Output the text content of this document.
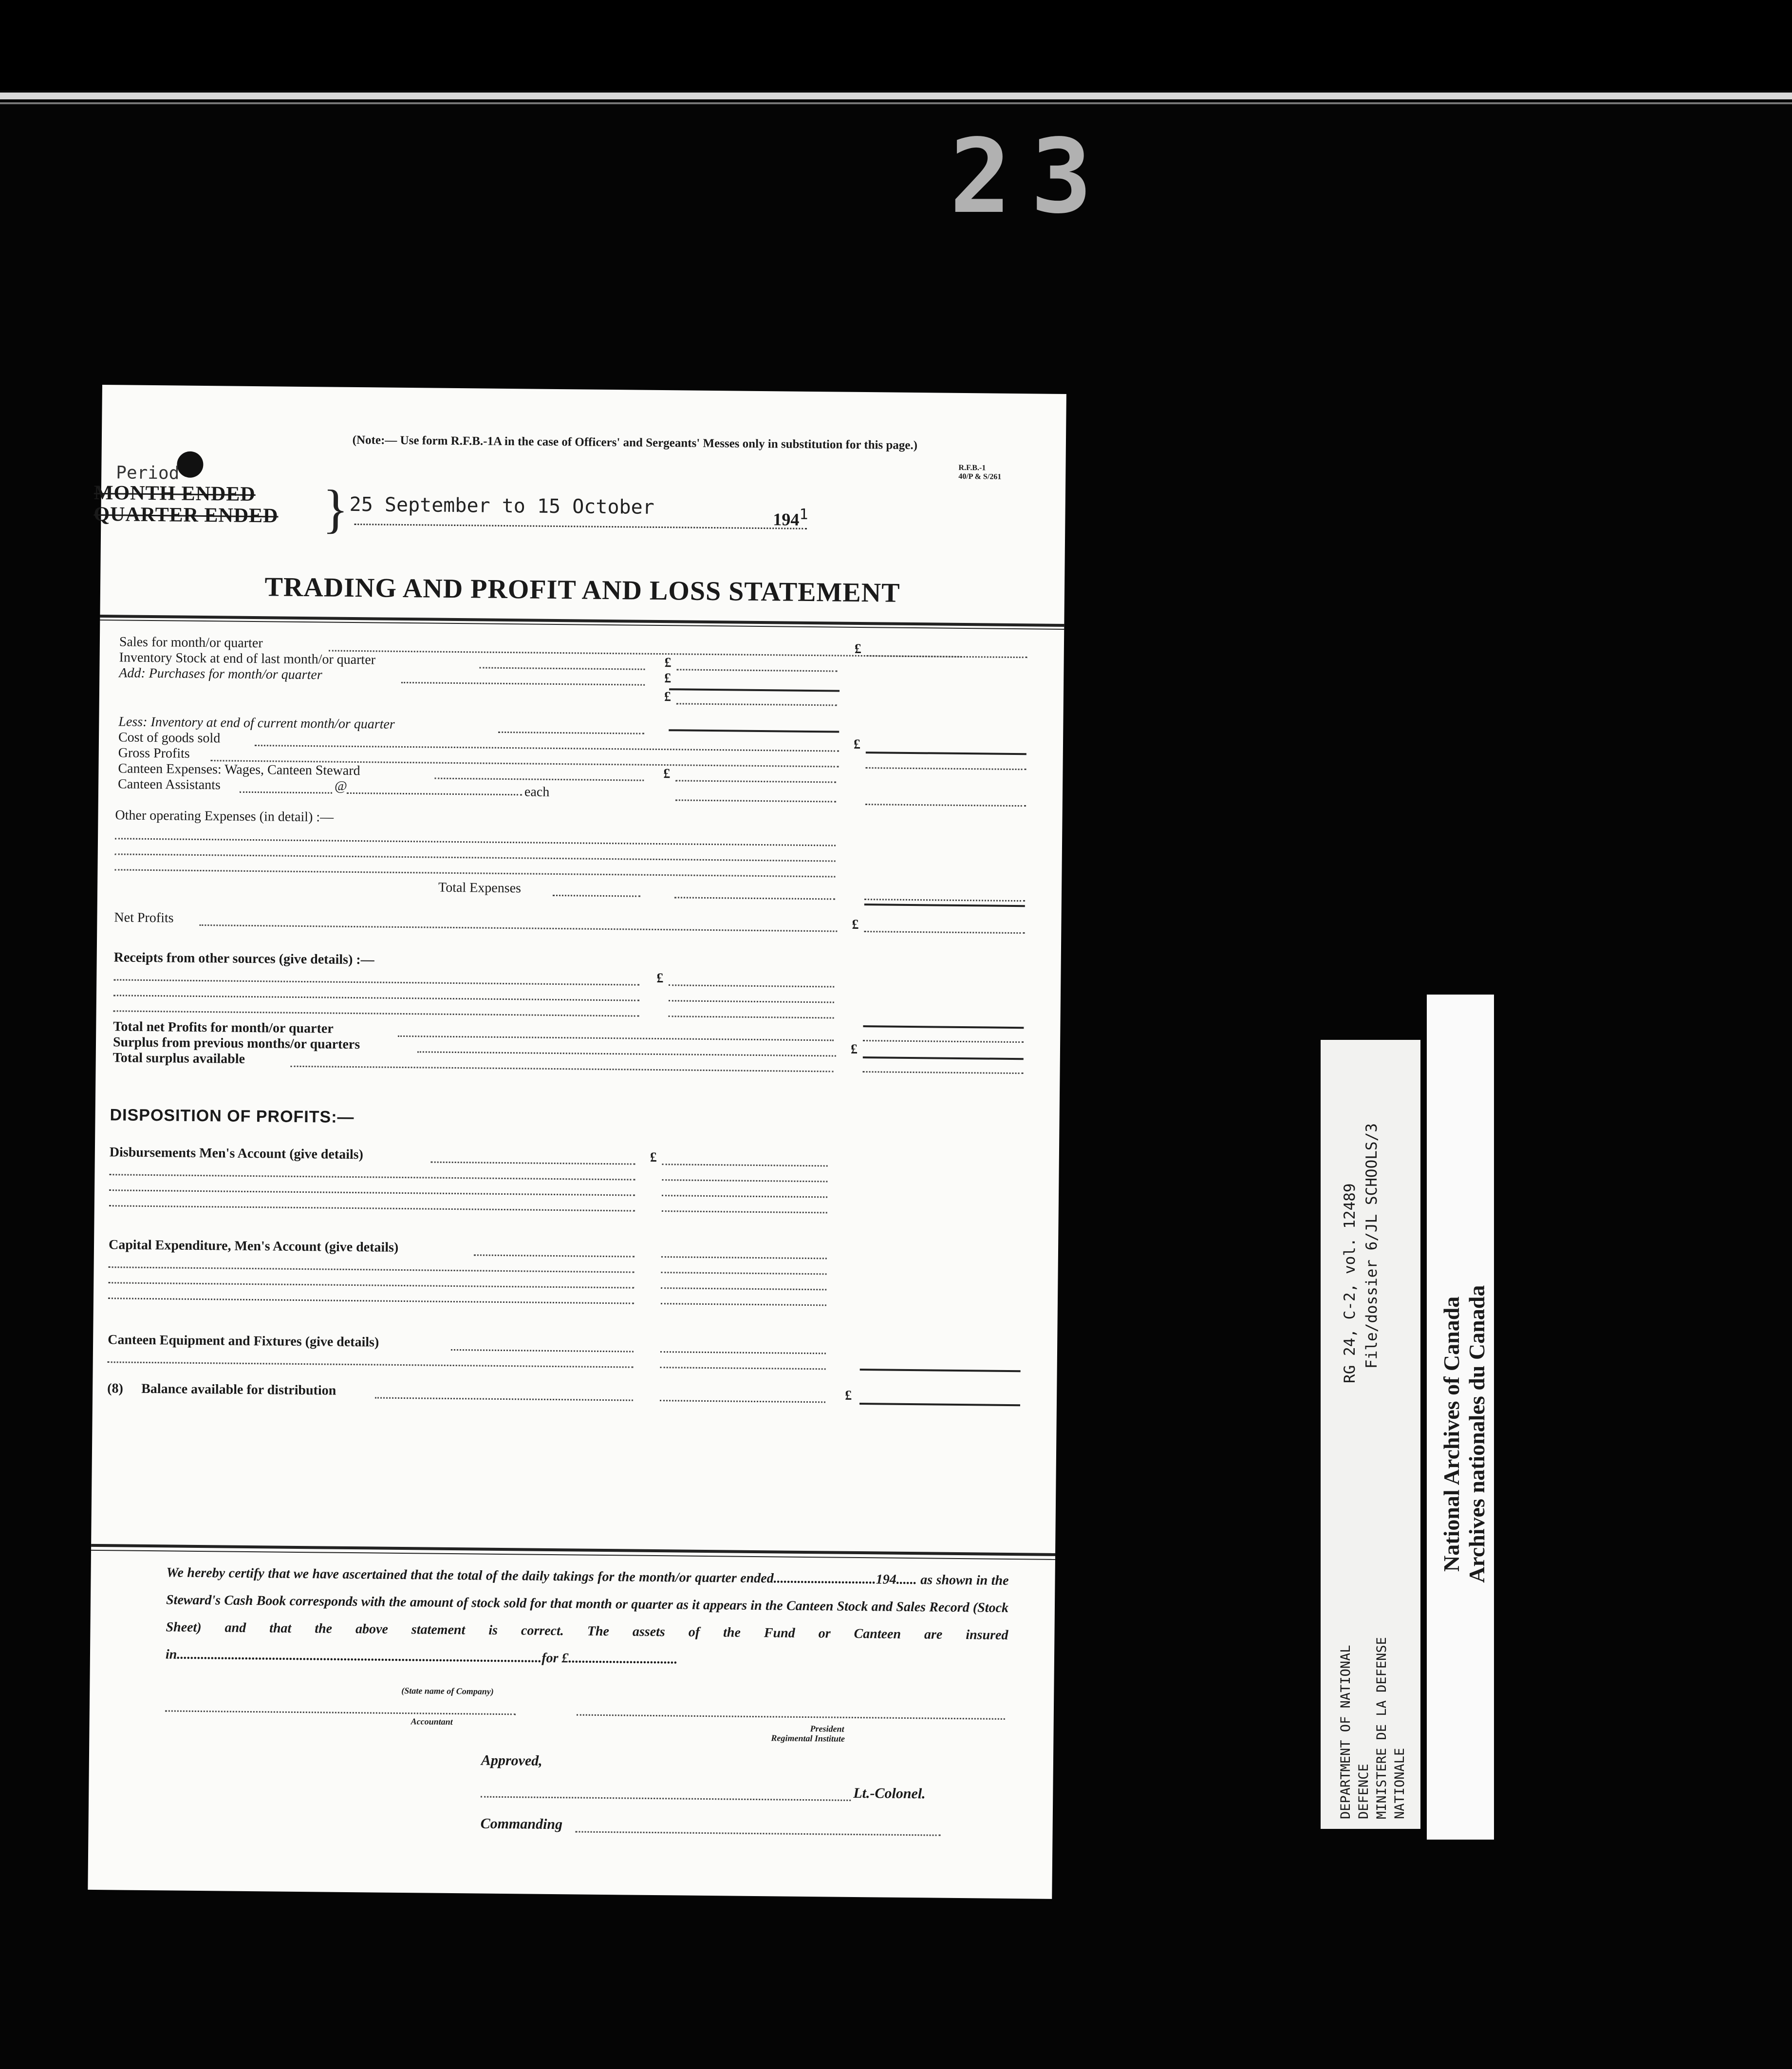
23
(Note:— Use form R.F.B.-1A in the case of Officers' and Sergeants' Messes only in substitution for this page.)
R.F.B.-1
40/P & S/261
Period
MONTH ENDED
QUARTER ENDED } 25 September to 15 October
$194^1$
TRADING AND PROFIT AND LOSS STATEMENT
Sales for month/or quarter	£
Inventory Stock at end of last month/or quarter	£
Add: Purchases for month/or quarter	£
£
Less: Inventory at end of current month/or quarter
Cost of goods sold	£
Gross Profits
Canteen Expenses: Wages, Canteen Steward	£
Canteen Assistants	@	each
Other operating Expenses (in detail) :—
Total Expenses
Net Profits	£
Receipts from other sources (give details) :—
£
Total net Profits for month/or quarter
Surplus from previous months/or quarters	£
Total surplus available
DISPOSITION OF PROFITS:—
Disbursements Men's Account (give details)	£
Capital Expenditure, Men's Account (give details)
Canteen Equipment and Fixtures (give details)
(8) Balance available for distribution	£
We hereby certify that we have ascertained that the total of the daily takings for the month/or quarter ended..............................194...... as shown in the Steward's Cash Book corresponds with the amount of stock sold for that month or quarter as it appears in the Canteen Stock and Sales Record (Stock Sheet) and that the above statement is correct. The assets of the Fund or Canteen are insured in...........................................................................................................for £................................
(State name of Company)
Accountant
President
Regimental Institute
Approved,
Lt.-Colonel.
Commanding
DEPARTMENT OF NATIONAL DEFENCE MINISTERE DE LA DEFENSE NATIONALE
RG 24, C-2, vol. 12489 File/dossier 6/JL SCHOOLS/3
National Archives of Canada Archives nationales du Canada
